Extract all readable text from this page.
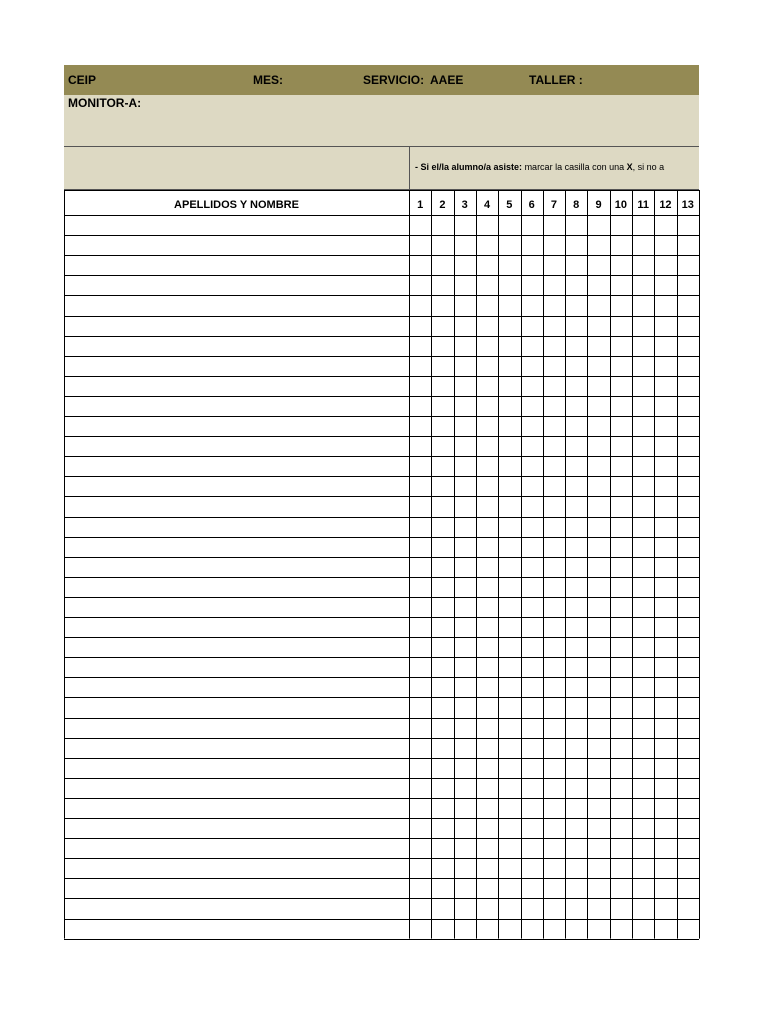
CEIP	MES:	SERVICIO: AAEE	TALLER :
MONITOR-A:
- Si el/la alumno/a asiste: marcar la casilla con una X, si no a
APELLIDOS Y NOMBRE	1	2	3	4	5	6	7	8	9	10 11 12 13
